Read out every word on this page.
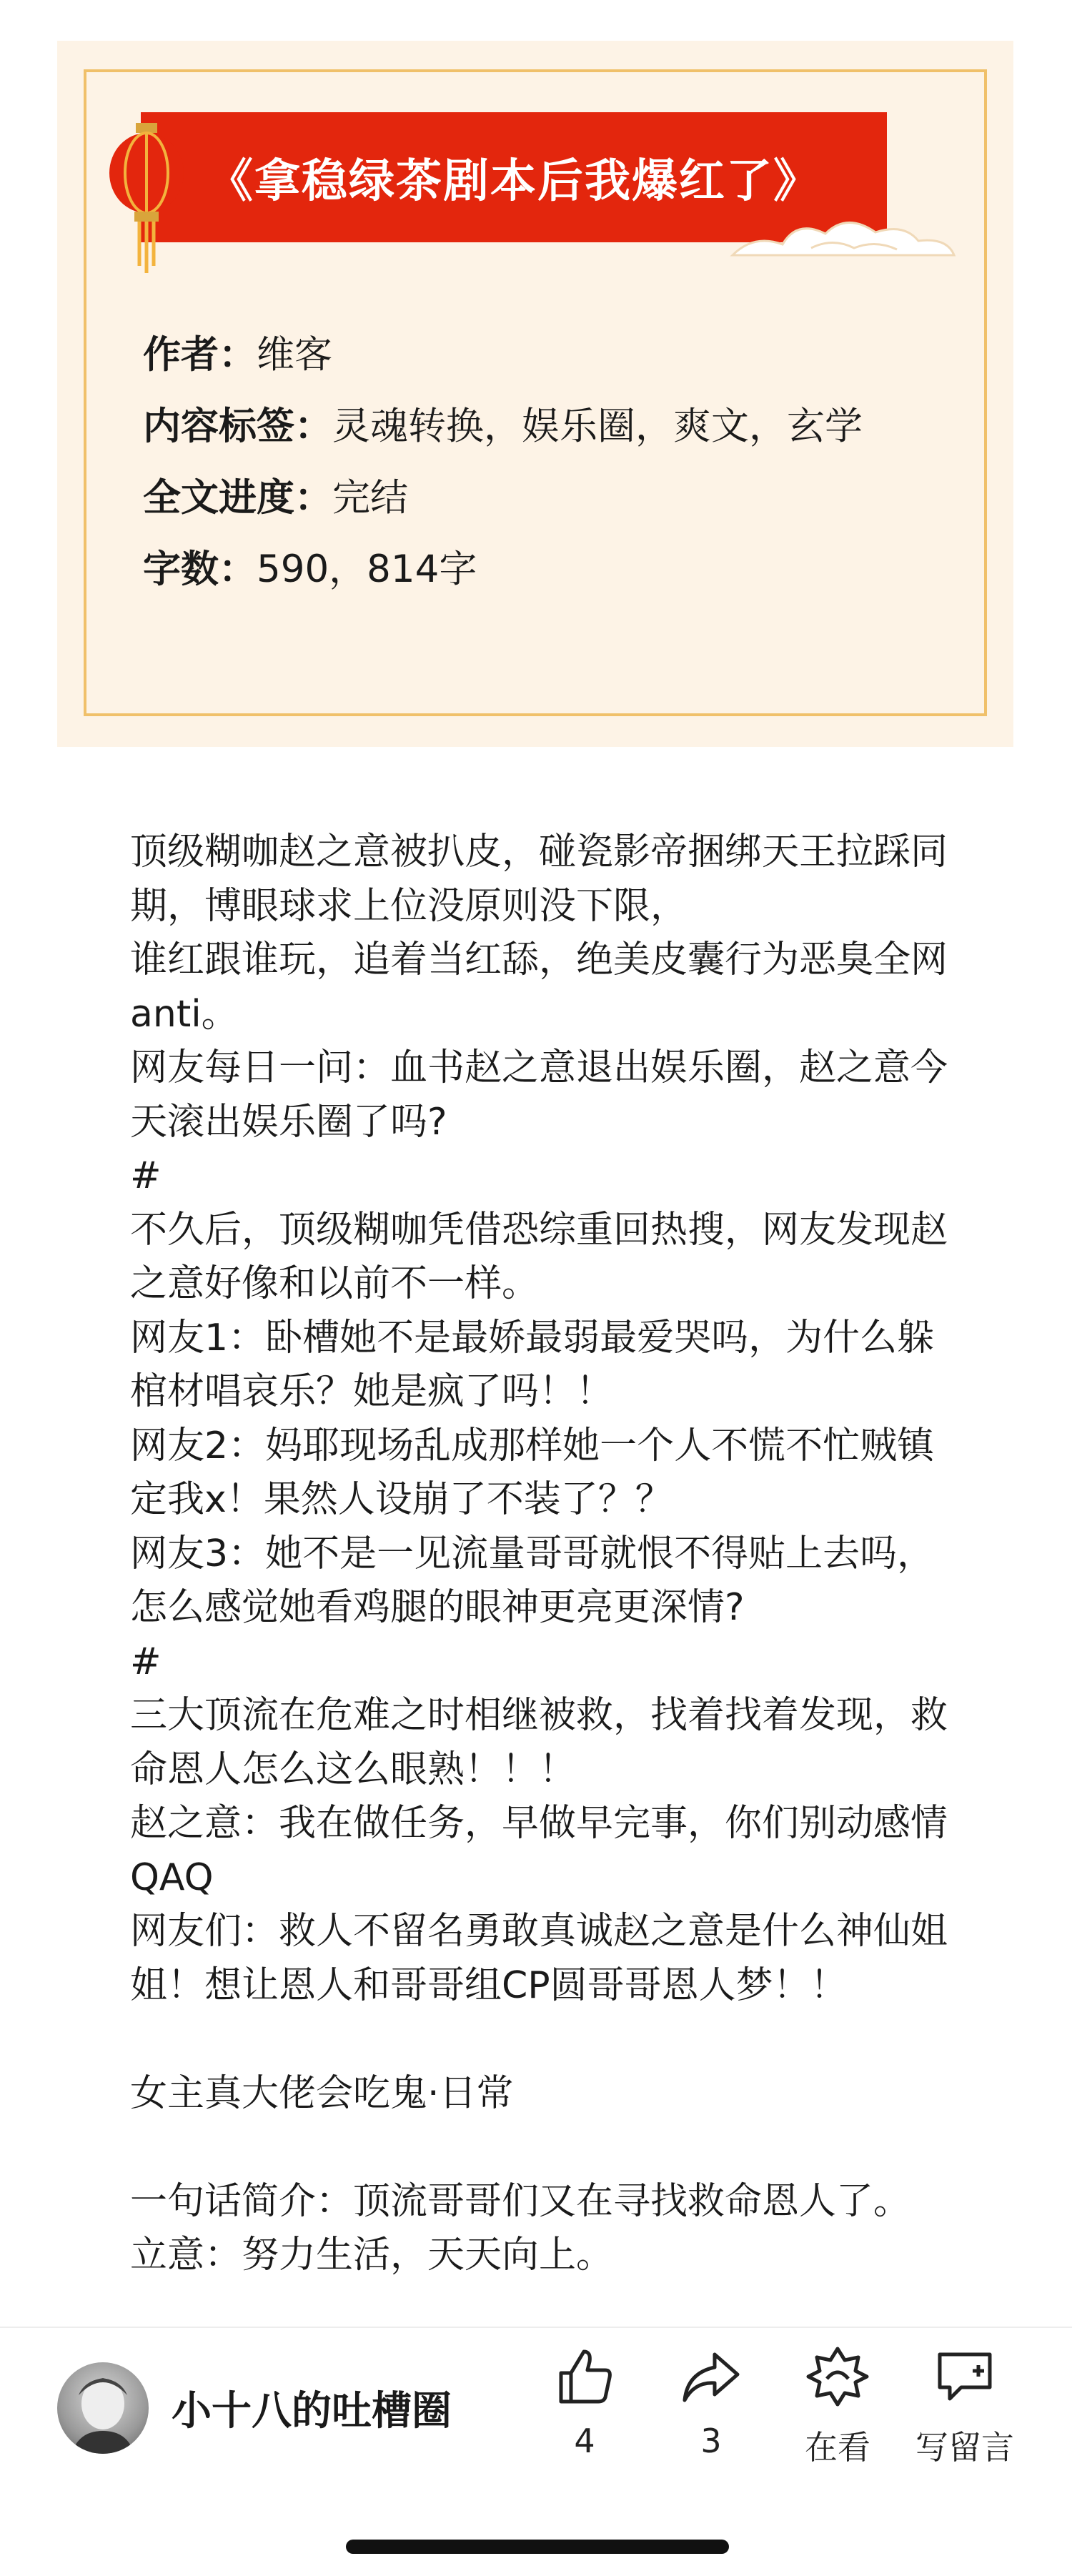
《拿稳绿茶剧本后我爆红了》

作者：维客

内容标签：灵魂转换，娱乐圈，爽文，玄学

全文进度：完结

字数：590，814字

顶级糊咖赵之意被扒皮，碰瓷影帝捆绑天王拉踩同期，博眼球求上位没原则没下限，

谁红跟谁玩，追着当红舔，绝美皮囊行为恶臭全网anti。

网友每日一问：血书赵之意退出娱乐圈，赵之意今天滚出娱乐圈了吗?

#

不久后，顶级糊咖凭借恐综重回热搜，网友发现赵之意好像和以前不一样。

网友1：卧槽她不是最娇最弱最爱哭吗，为什么躲棺材唱哀乐？她是疯了吗！！

网友2：妈耶现场乱成那样她一个人不慌不忙贼镇定我x！果然人设崩了不装了？？

网友3：她不是一见流量哥哥就恨不得贴上去吗，怎么感觉她看鸡腿的眼神更亮更深情?

#

三大顶流在危难之时相继被救，找着找着发现，救命恩人怎么这么眼熟！！！

赵之意：我在做任务，早做早完事，你们别动感情QAQ

网友们：救人不留名勇敢真诚赵之意是什么神仙姐姐！想让恩人和哥哥组CP圆哥哥恩人梦！！

女主真大佬会吃鬼·日常

一句话简介：顶流哥哥们又在寻找救命恩人了。

立意：努力生活，天天向上。

小十八的吐槽圈
4	3	在看	写留言
